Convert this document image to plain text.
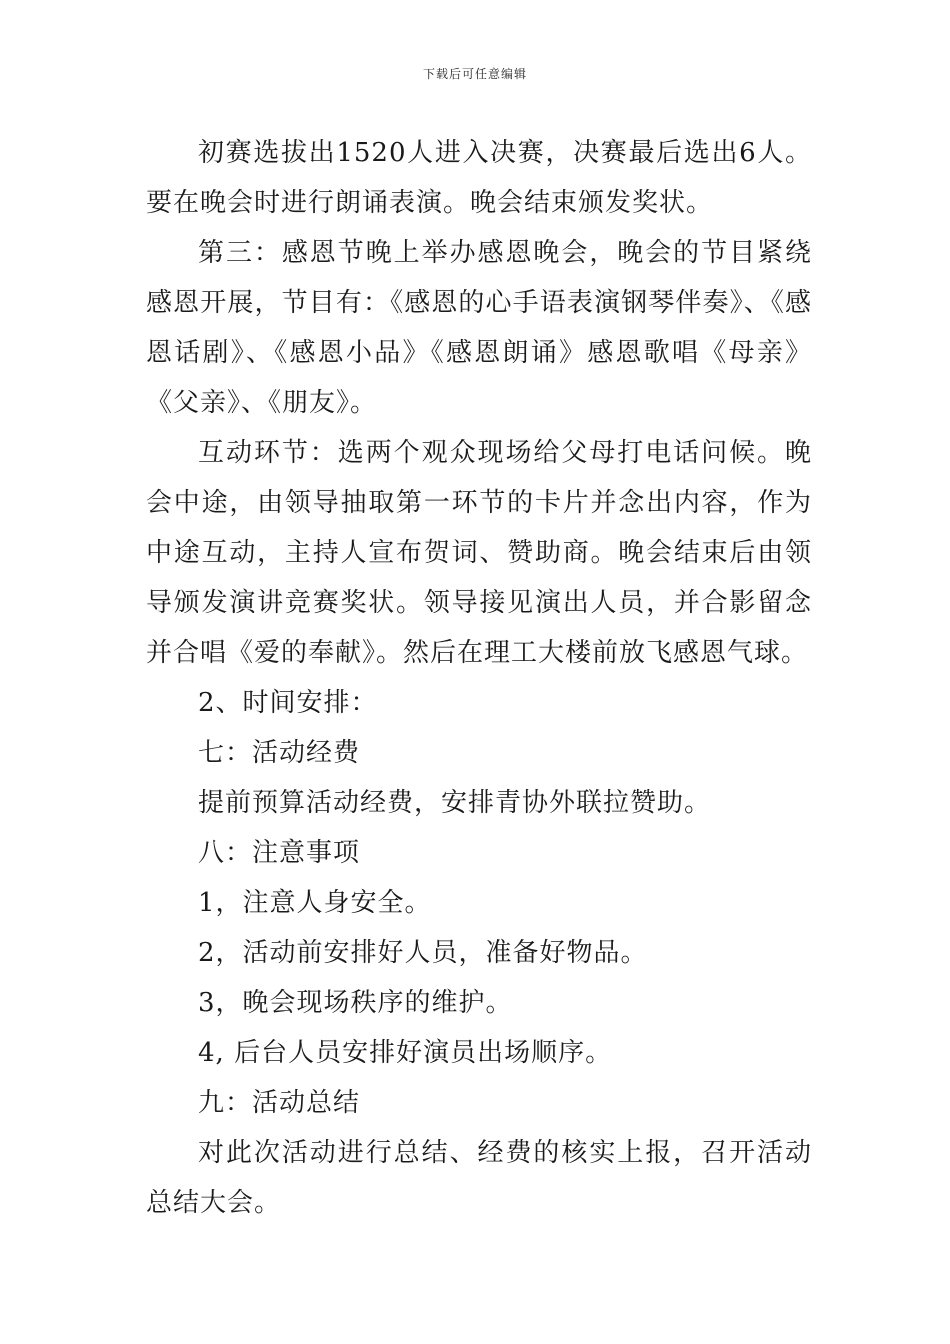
下载后可任意编辑

初赛选拔出1520人进入决赛，决赛最后选出6人。要在晚会时进行朗诵表演。晚会结束颁发奖状。

第三：感恩节晚上举办感恩晚会，晚会的节目紧绕感恩开展，节目有：《感恩的心手语表演钢琴伴奏》、《感恩话剧》、《感恩小品》《感恩朗诵》感恩歌唱《母亲》《父亲》、《朋友》。

互动环节：选两个观众现场给父母打电话问候。晚会中途，由领导抽取第一环节的卡片并念出内容，作为中途互动，主持人宣布贺词、赞助商。晚会结束后由领导颁发演讲竞赛奖状。领导接见演出人员，并合影留念并合唱《爱的奉献》。然后在理工大楼前放飞感恩气球。

2、时间安排：

七：活动经费

提前预算活动经费，安排青协外联拉赞助。

八：注意事项

1，注意人身安全。

2，活动前安排好人员，准备好物品。

3，晚会现场秩序的维护。

4, 后台人员安排好演员出场顺序。

九：活动总结

对此次活动进行总结、经费的核实上报，召开活动总结大会。
